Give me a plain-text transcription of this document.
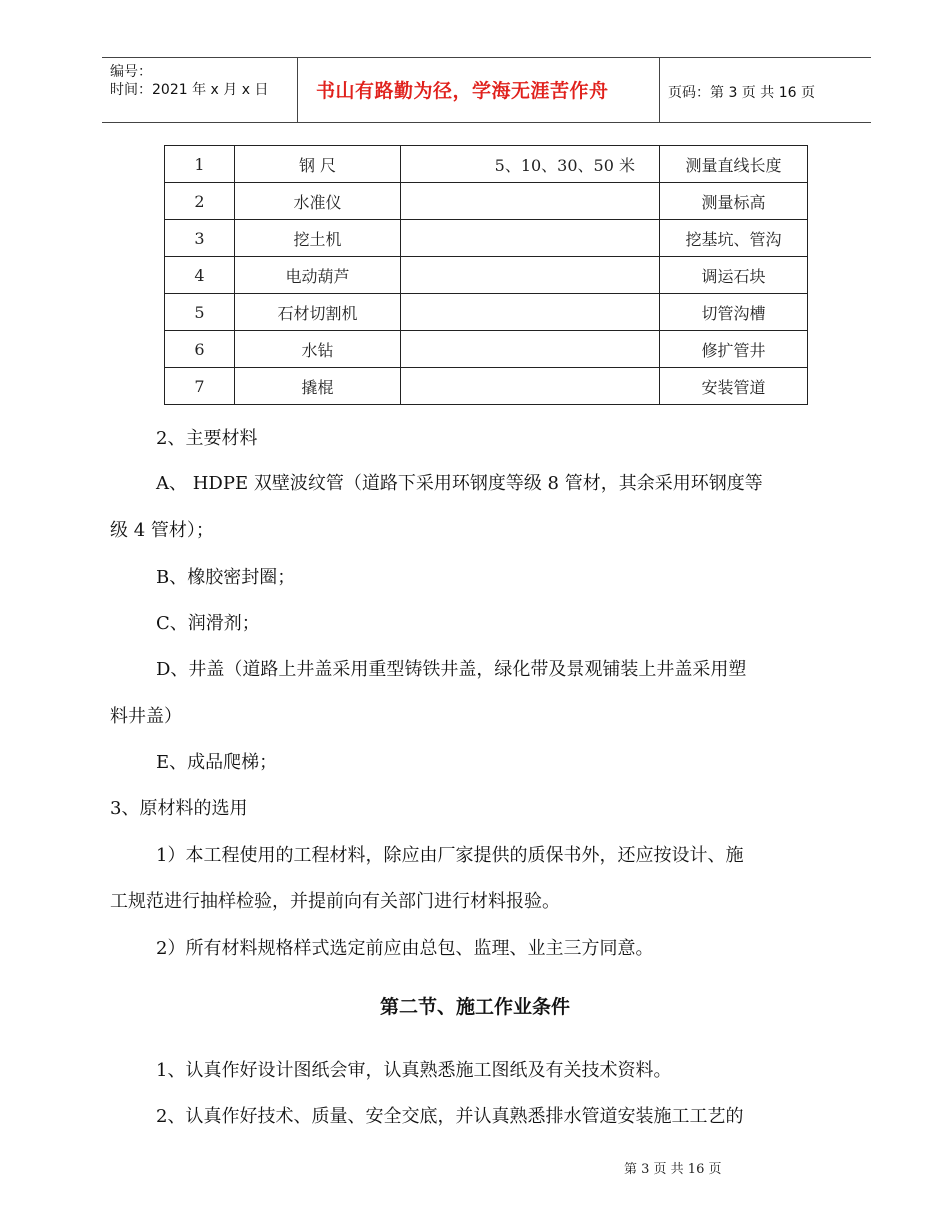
编号：
时间：2021 年 x 月 x 日	书山有路勤为径，学海无涯苦作舟	页码：第 3 页 共 16 页
1	钢 尺	5、10、30、50 米	测量直线长度
2	水准仪		测量标高
3	挖土机		挖基坑、管沟
4	电动葫芦		调运石块
5	石材切割机		切管沟槽
6	水钻		修扩管井
7	撬棍		安装管道
2、主要材料
A、 HDPE 双壁波纹管（道路下采用环钢度等级 8 管材，其余采用环钢度等
级 4 管材）；
B、橡胶密封圈；
C、润滑剂；
D、井盖（道路上井盖采用重型铸铁井盖，绿化带及景观铺装上井盖采用塑
料井盖）
E、成品爬梯；
3、原材料的选用
1）本工程使用的工程材料，除应由厂家提供的质保书外，还应按设计、施
工规范进行抽样检验，并提前向有关部门进行材料报验。
2）所有材料规格样式选定前应由总包、监理、业主三方同意。
第二节、施工作业条件
1、认真作好设计图纸会审，认真熟悉施工图纸及有关技术资料。
2、认真作好技术、质量、安全交底，并认真熟悉排水管道安装施工工艺的
第 3 页 共 16 页
